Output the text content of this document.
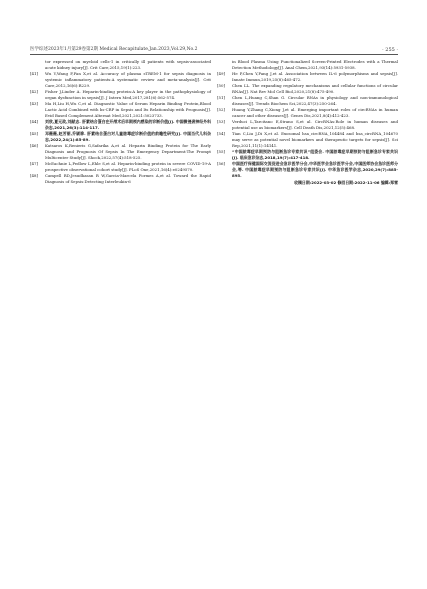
医学综述2023年1月第29卷第2期 Medical Recapitulate,Jan.2023,Vol.29,No.2	· 255 ·
tor expressed on myeloid cells-1 in critically ill patients with sepsis-associated acute kidney injury[J]. Crit Care,2015,19(1):223.
[41] Wu Y,Wang F,Fan X,et al. Accuracy of plasma sTREM-1 for sepsis diagnosis in systemic inflammatory patients:A systematic review and meta-analysis[J]. Crit Care,2012,16(6):R229.
[42] Fisher J,Linder A. Heparin-binding protein:A key player in the pathophysiology of organ dysfunction in sepsis[J]. J Intern Med,2017,281(6):562-574.
[43] Ma H,Liu H,Wu C,et al. Diagnostic Value of Serum Heparin Binding Protein,Blood Lactic Acid Combined with hs-CRP in Sepsis and Its Relationship with Prognosis[J]. Evid Based Complement Alternat Med,2021,2021:5023733.
[44] 刘欣,夏元政,刘献志. 肝素结合蛋白在开颅术后早期颅内感染的诊断价值[J]. 中国微侵袭神经外科杂志,2021,26(3):114-117.
[45] 邓薇薇,赵芳丽,乔颖骅. 肝素结合蛋白对儿童脓毒症诊断价值的前瞻性研究[J]. 中国当代儿科杂志,2022,24(1):85-89.
[46] Katsaros K,Renieris G,Safarika A,et al. Heparin Binding Protein for The Early Diagnosis and Prognosis Of Sepsis In The Emergency Department:The Prompt Multicenter Study[J]. Shock,2022,57(4):518-525.
[47] McEachnie L,Pedlow L,Ehle S,et al. Heparin-binding protein in severe COVID-19-A prospective observational cohort study[J]. PLoS One,2021,16(4):e0249570.
[48] Campell RD,Jesudhasan R W,Garcia-Marcela Formes A,et al. Toward the Rapid Diagnosis of Sepsis:Detecting Interleukin-6
in Blood Plasma Using Functionalized Screen-Printed Electrodes with a Thermal Detection Methodology[J]. Anal Chem,2021,93(14):5931-5938.
[49] He P,Chen Y,Pang J,et al. Association between IL-6 polymorphisms and sepsis[J]. Innate Immun,2019,25(8):465-472.
[50] Chen LL. The expanding regulatory mechanisms and cellular functions of circular RNAs[J]. Nat Rev Mol Cell Biol,2020,21(8):475-490.
[51] Chen L,Huang C,Shan G. Circular RNAs in physiology and non-immunological diseases[J]. Trends Biochem Sci,2022,47(3):250-264.
[52] Huang Y,Zhang C,Xiong J,et al. Emerging important roles of circRNAs in human cancer and other diseases[J]. Genes Dis,2021,8(4):412-423.
[53] Verduci L,Tarcitano E,Strano S,et al. CircRNAs:Role in human diseases and potential use as biomarkers[J]. Cell Death Dis,2021,12(5):468.
[54] Tian C,Liu J,Di X,et al. Exosomal hsa_circRNA_104484 and hsa_circRNA_104670 may serve as potential novel biomarkers and therapeutic targets for sepsis[J]. Sci Rep,2021,11(1):14141.
[55] “中国脓毒症早期预防与阻断急诊专家共识”组委会. 中国脓毒症早期预防与阻断急诊专家共识[J]. 临床急诊杂志,2018,19(7):417-418.
[56] 中国医疗保健国际交流促进会急诊医学分会,中华医学会急诊医学分会,中国医师协会急诊医师分会,等. 中国脓毒症早期预防与阻断急诊专家共识[J]. 中华急诊医学杂志,2020,29(7):885-895.
收稿日期:2022-03-02 修回日期:2022-11-06 编辑:郑雪
